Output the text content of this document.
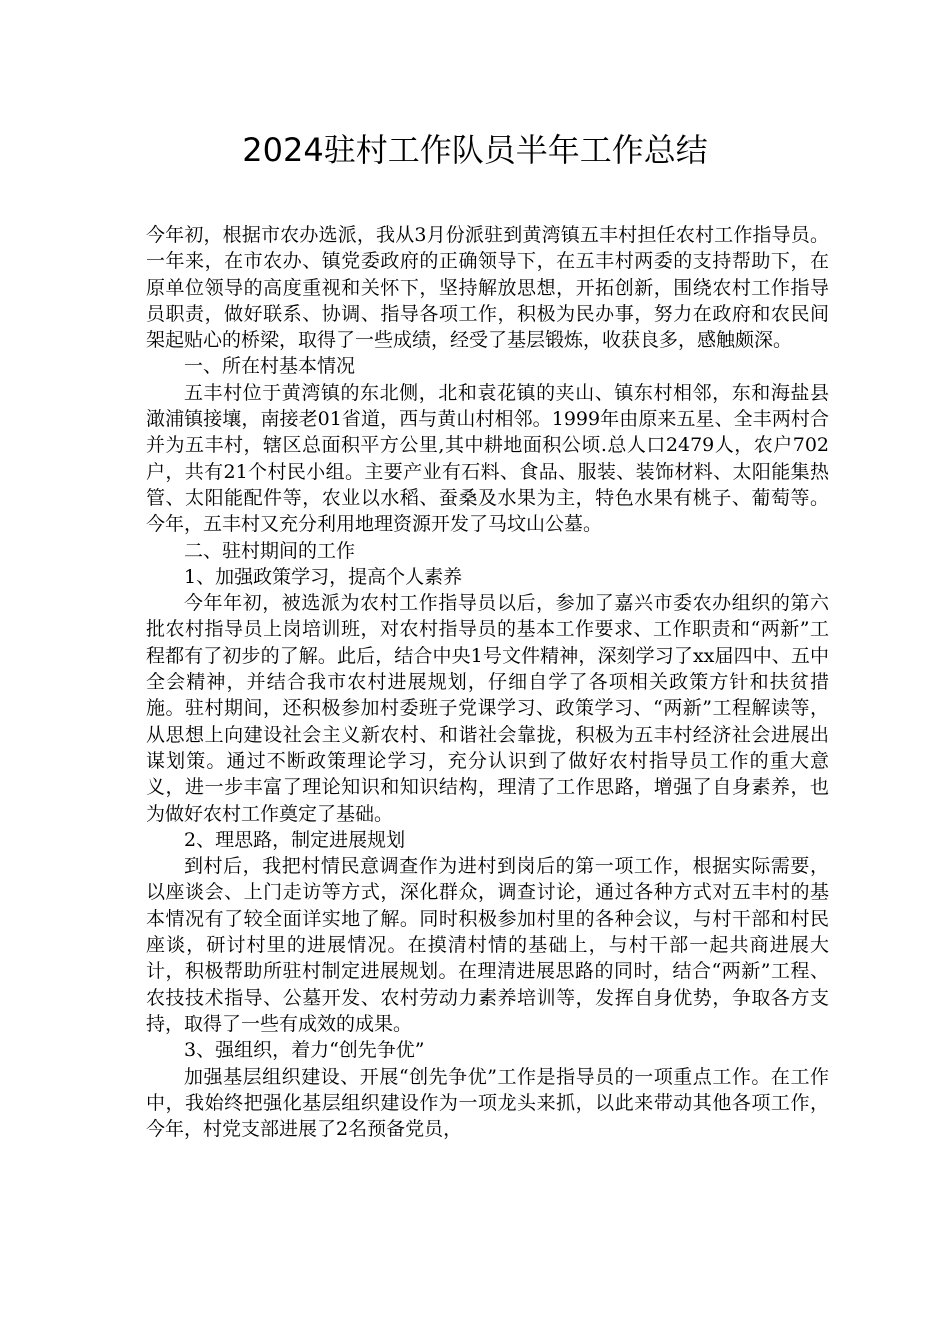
2024驻村工作队员半年工作总结

今年初，根据市农办选派，我从3月份派驻到黄湾镇五丰村担任农村工作指导员。一年来，在市农办、镇党委政府的正确领导下，在五丰村两委的支持帮助下，在原单位领导的高度重视和关怀下，坚持解放思想，开拓创新，围绕农村工作指导员职责，做好联系、协调、指导各项工作，积极为民办事，努力在政府和农民间架起贴心的桥梁，取得了一些成绩，经受了基层锻炼，收获良多，感触颇深。

一、所在村基本情况

五丰村位于黄湾镇的东北侧，北和袁花镇的夹山、镇东村相邻，东和海盐县澉浦镇接壤，南接老01省道，西与黄山村相邻。1999年由原来五星、全丰两村合并为五丰村，辖区总面积平方公里,其中耕地面积公顷.总人口2479人，农户702户，共有21个村民小组。主要产业有石料、食品、服装、装饰材料、太阳能集热管、太阳能配件等，农业以水稻、蚕桑及水果为主，特色水果有桃子、葡萄等。今年，五丰村又充分利用地理资源开发了马坟山公墓。

二、驻村期间的工作

1、加强政策学习，提高个人素养

今年年初，被选派为农村工作指导员以后，参加了嘉兴市委农办组织的第六批农村指导员上岗培训班，对农村指导员的基本工作要求、工作职责和“两新”工程都有了初步的了解。此后，结合中央1号文件精神，深刻学习了xx届四中、五中全会精神，并结合我市农村进展规划，仔细自学了各项相关政策方针和扶贫措施。驻村期间，还积极参加村委班子党课学习、政策学习、“两新”工程解读等，从思想上向建设社会主义新农村、和谐社会靠拢，积极为五丰村经济社会进展出谋划策。通过不断政策理论学习，充分认识到了做好农村指导员工作的重大意义，进一步丰富了理论知识和知识结构，理清了工作思路，增强了自身素养，也为做好农村工作奠定了基础。

2、理思路，制定进展规划

到村后，我把村情民意调查作为进村到岗后的第一项工作，根据实际需要，以座谈会、上门走访等方式，深化群众，调查讨论，通过各种方式对五丰村的基本情况有了较全面详实地了解。同时积极参加村里的各种会议，与村干部和村民座谈，研讨村里的进展情况。在摸清村情的基础上，与村干部一起共商进展大计，积极帮助所驻村制定进展规划。在理清进展思路的同时，结合“两新”工程、农技技术指导、公墓开发、农村劳动力素养培训等，发挥自身优势，争取各方支持，取得了一些有成效的成果。

3、强组织，着力“创先争优”

加强基层组织建设、开展“创先争优”工作是指导员的一项重点工作。在工作中，我始终把强化基层组织建设作为一项龙头来抓，以此来带动其他各项工作，今年，村党支部进展了2名预备党员，
